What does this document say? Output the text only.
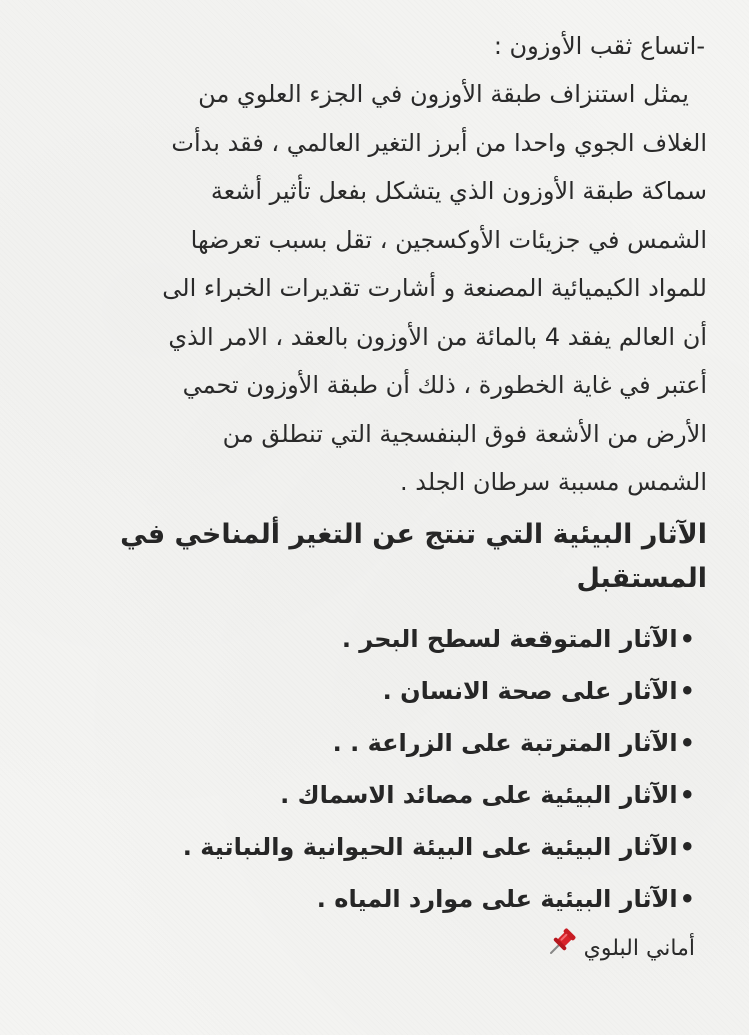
-اتساع ثقب الأوزون :

يمثل استنزاف طبقة الأوزون في الجزء العلوي من
الغلاف الجوي واحدا من أبرز التغير العالمي ، فقد بدأت
سماكة طبقة الأوزون الذي يتشكل بفعل تأثير أشعة
الشمس في جزيئات الأوكسجين ، تقل بسبب تعرضها
للمواد الكيميائية المصنعة و أشارت تقديرات الخبراء الى
أن العالم يفقد 4 بالمائة من الأوزون بالعقد ، الامر الذي
أعتبر في غاية الخطورة ، ذلك أن طبقة الأوزون تحمي
الأرض من الأشعة فوق البنفسجية التي تنطلق من
الشمس مسببة سرطان الجلد .

الآثار البيئية التي تنتج عن التغير ألمناخي في المستقبل
•الآثار المتوقعة لسطح البحر .
•الآثار على صحة الانسان .
•الآثار المترتبة على الزراعة . .
•الآثار البيئية على مصائد الاسماك .
•الآثار البيئية على البيئة الحيوانية والنباتية .
•الآثار البيئية على موارد المياه .
أماني البلوي
